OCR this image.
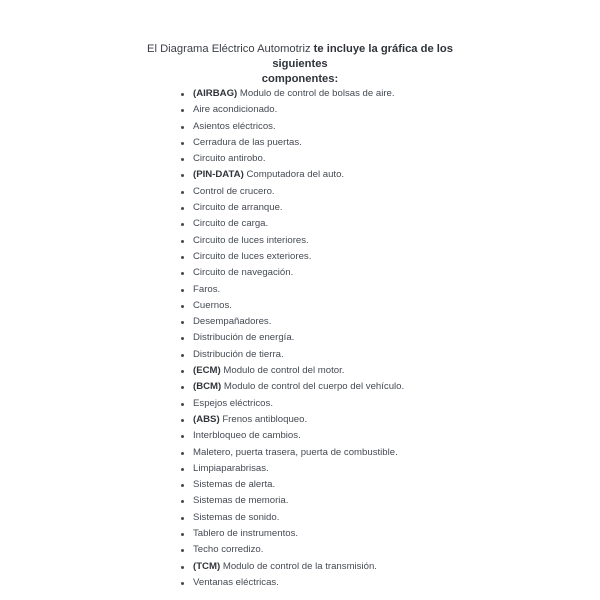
El Diagrama Eléctrico Automotriz te incluye la gráfica de los siguientes
componentes:
(AIRBAG) Modulo de control de bolsas de aire.
Aire acondicionado.
Asientos eléctricos.
Cerradura de las puertas.
Circuito antirobo.
(PIN-DATA) Computadora del auto.
Control de crucero.
Circuito de arranque.
Circuito de carga.
Circuito de luces interiores.
Circuito de luces exteriores.
Circuito de navegación.
Faros.
Cuernos.
Desempañadores.
Distribución de energía.
Distribución de tierra.
(ECM) Modulo de control del motor.
(BCM) Modulo de control del cuerpo del vehículo.
Espejos eléctricos.
(ABS) Frenos antibloqueo.
Interbloqueo de cambios.
Maletero, puerta trasera, puerta de combustible.
Limpiaparabrisas.
Sistemas de alerta.
Sistemas de memoria.
Sistemas de sonido.
Tablero de instrumentos.
Techo corredizo.
(TCM) Modulo de control de la transmisión.
Ventanas eléctricas.
